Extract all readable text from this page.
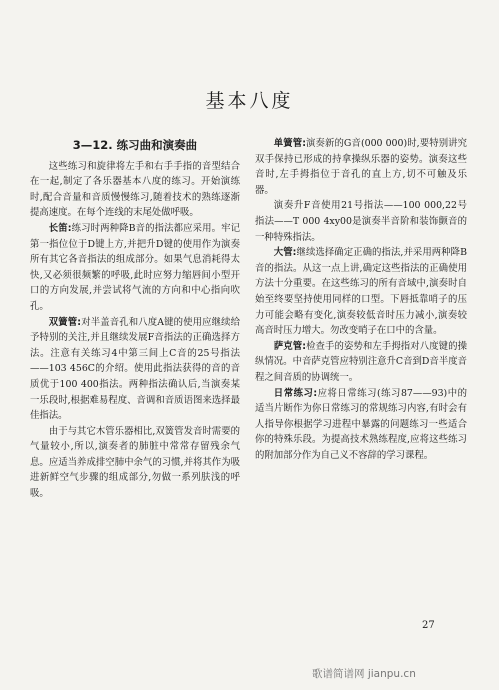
基本八度
3—12. 练习曲和演奏曲

这些练习和旋律将左手和右手手指的音型结合在一起,制定了各乐器基本八度的练习。开始演练时,配合音量和音质慢慢练习,随着技术的熟练逐渐提高速度。在每个连线的末尾处做呼吸。

长笛:练习时两种降B音的指法都应采用。牢记第一指位位于D键上方,并把升D键的使用作为演奏所有其它各音指法的组成部分。如果气息消耗得太快,又必须很频繁的呼吸,此时应努力缩唇间小型开口的方向发展,并尝试将气流的方向和中心指向吹孔。

双簧管:对半盖音孔和八度A键的使用应继续给予特别的关注,并且继续发展F音指法的正确选择方法。注意有关练习4中第三间上C音的25号指法——103 456C的介绍。使用此指法获得的音的音质优于100 400指法。两种指法确认后,当演奏某一乐段时,根据难易程度、音调和音质语图来选择最佳指法。

由于与其它木管乐器相比,双簧管发音时需要的气量较小,所以,演奏者的肺脏中常常存留残余气息。应适当养成排空肺中余气的习惯,并将其作为吸进新鲜空气步骤的组成部分,勿做一系列肤浅的呼吸。

单簧管:演奏新的G音(000 000)时,要特别讲究双手保持已形成的持拿操纵乐器的姿势。演奏这些音时,左手拇指位于音孔的直上方,切不可触及乐器。

演奏升F音使用21号指法——100 000,22号指法——T 000 4xy00是演奏半音阶和装饰颤音的一种特殊指法。

大管:继续选择确定正确的指法,并采用两种降B音的指法。从这一点上讲,确定这些指法的正确使用方法十分重要。在这些练习的所有音域中,演奏时自始至终要坚持使用同样的口型。下唇抵靠哨子的压力可能会略有变化,演奏较低音时压力减小,演奏较高音时压力增大。勿改变哨子在口中的含量。

萨克管:检查手的姿势和左手拇指对八度键的操纵情况。中音萨克管应特别注意升C音到D音半度音程之间音质的协调统一。

日常练习:应将日常练习(练习87——93)中的适当片断作为你日常练习的常规练习内容,有时会有人指导你根据学习进程中暴露的问题练习一些适合你的特殊乐段。为提高技术熟练程度,应将这些练习的附加部分作为自己义不容辞的学习课程。

27
歌谱简谱网 jianpu.cn
